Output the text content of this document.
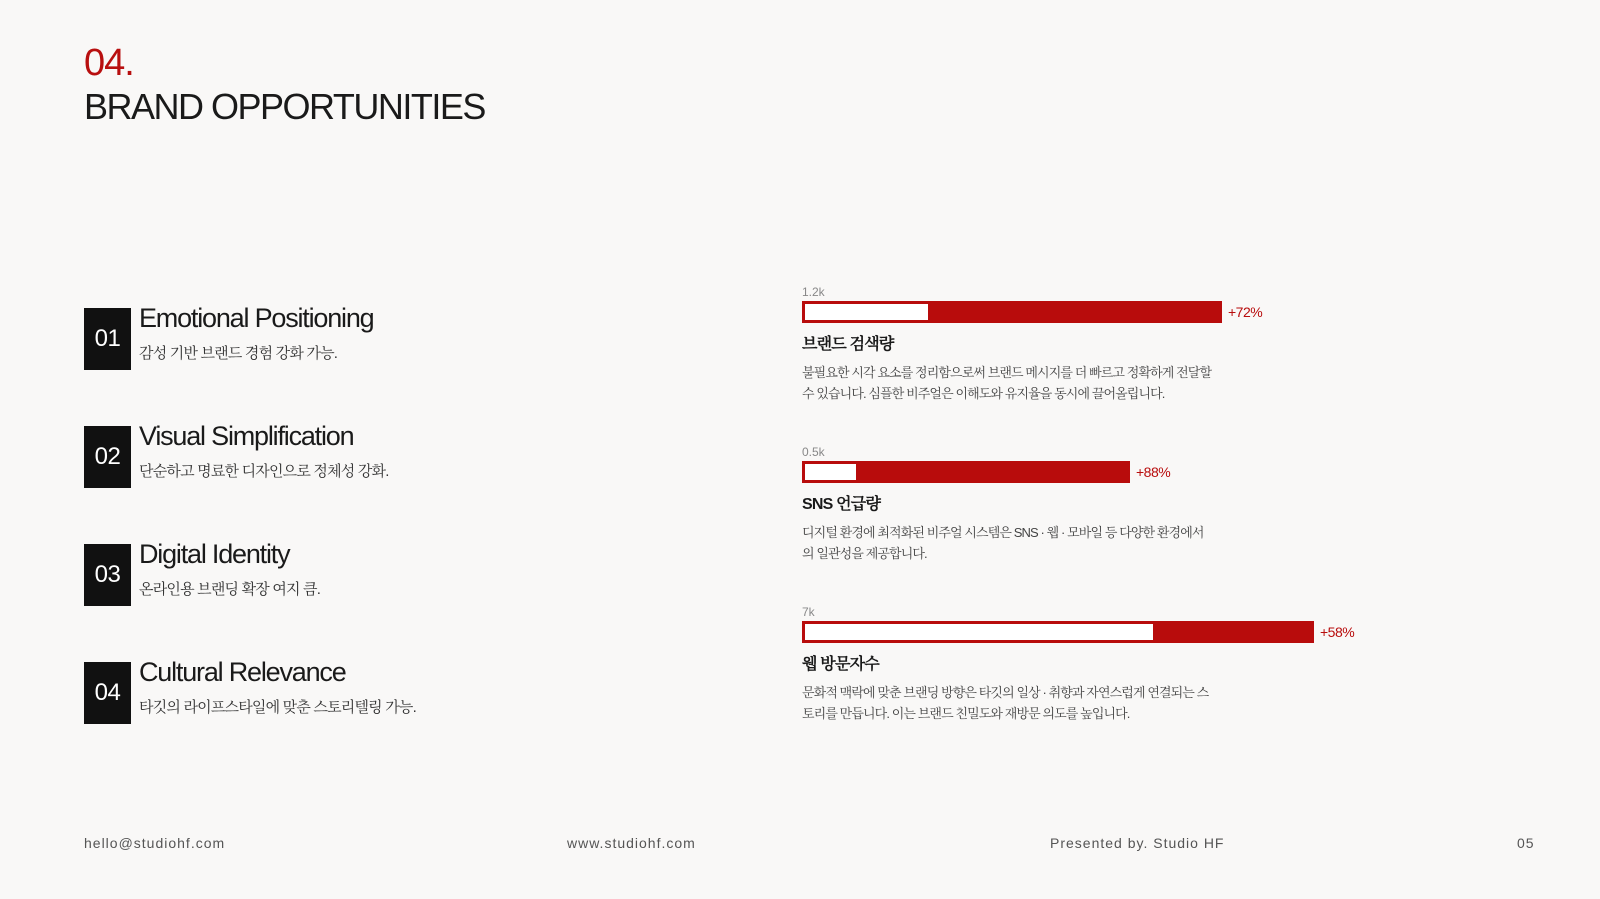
04.
BRAND OPPORTUNITIES
01
Emotional Positioning
감성 기반 브랜드 경험 강화 가능.
02
Visual Simplification
단순하고 명료한 디자인으로 정체성 강화.
03
Digital Identity
온라인용 브랜딩 확장 여지 큼.
04
Cultural Relevance
타깃의 라이프스타일에 맞춘 스토리텔링 가능.
1.2k
+72%
브랜드 검색량
불필요한 시각 요소를 정리함으로써 브랜드 메시지를 더 빠르고 정확하게 전달할 수 있습니다. 심플한 비주얼은 이해도와 유지율을 동시에 끌어올립니다.
0.5k
+88%
SNS 언급량
디지털 환경에 최적화된 비주얼 시스템은 SNS · 웹 · 모바일 등 다양한 환경에서의 일관성을 제공합니다.
7k
+58%
웹 방문자수
문화적 맥락에 맞춘 브랜딩 방향은 타깃의 일상 · 취향과 자연스럽게 연결되는 스토리를 만듭니다. 이는 브랜드 친밀도와 재방문 의도를 높입니다.
hello@studiohf.com	www.studiohf.com	Presented by. Studio HF	05
